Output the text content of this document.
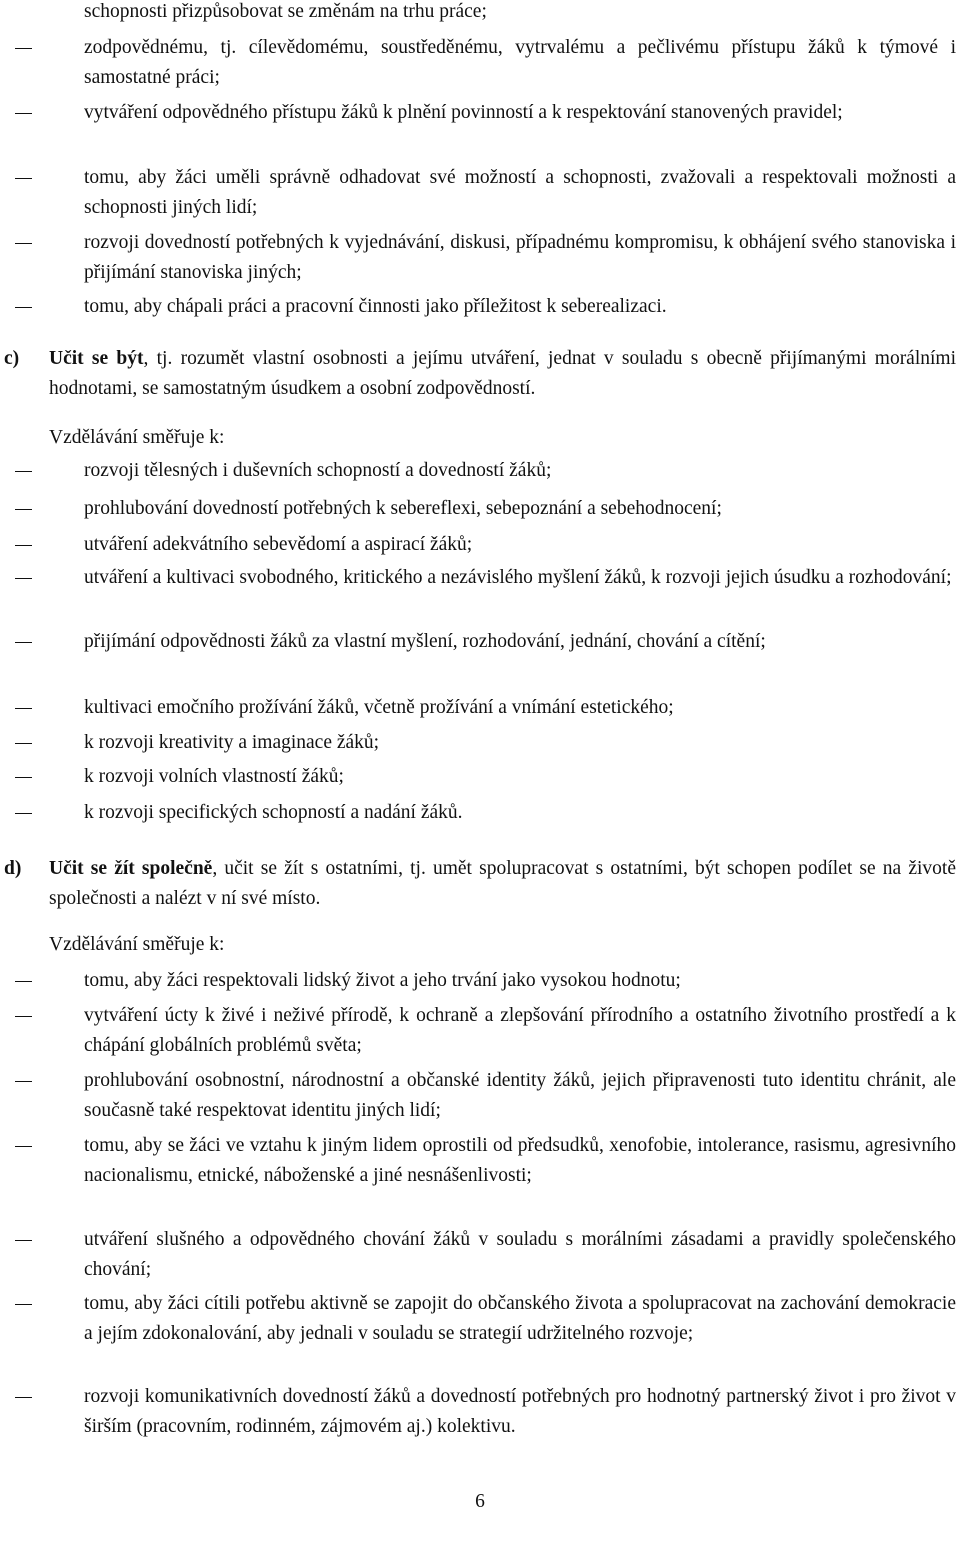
schopnosti přizpůsobovat se změnám na trhu práce;
zodpovědnému, tj. cílevědomému, soustředěnému, vytrvalému a pečlivému přístupu žáků k týmové i samostatné práci;
vytváření odpovědného přístupu žáků k plnění povinností a k respektování stanovených pravidel;
tomu, aby žáci uměli správně odhadovat své možností a schopnosti, zvažovali a respektovali možnosti a schopnosti jiných lidí;
rozvoji dovedností potřebných k vyjednávání, diskusi, případnému kompromisu, k obhájení svého stanoviska i přijímání stanoviska jiných;
tomu, aby chápali práci a pracovní činnosti jako příležitost k seberealizaci.
c) Učit se být, tj. rozumět vlastní osobnosti a jejímu utváření, jednat v souladu s obecně přijímanými morálními hodnotami, se samostatným úsudkem a osobní zodpovědností.
Vzdělávání směřuje k:
rozvoji tělesných i duševních schopností a dovedností žáků;
prohlubování dovedností potřebných k sebereflexi, sebepoznání a sebehodnocení;
utváření adekvátního sebevědomí a aspirací žáků;
utváření a kultivaci svobodného, kritického a nezávislého myšlení žáků, k rozvoji jejich úsudku a rozhodování;
přijímání odpovědnosti žáků za vlastní myšlení, rozhodování, jednání, chování a cítění;
kultivaci emočního prožívání žáků, včetně prožívání a vnímání estetického;
k rozvoji kreativity a imaginace žáků;
k rozvoji volních vlastností žáků;
k rozvoji specifických schopností a nadání žáků.
d) Učit se žít společně, učit se žít s ostatními, tj. umět spolupracovat s ostatními, být schopen podílet se na životě společnosti a nalézt v ní své místo.
Vzdělávání směřuje k:
tomu, aby žáci respektovali lidský život a jeho trvání jako vysokou hodnotu;
vytváření úcty k živé i neživé přírodě, k ochraně a zlepšování přírodního a ostatního životního prostředí a k chápání globálních problémů světa;
prohlubování osobnostní, národnostní a občanské identity žáků, jejich připravenosti tuto identitu chránit, ale současně také respektovat identitu jiných lidí;
tomu, aby se žáci ve vztahu k jiným lidem oprostili od předsudků, xenofobie, intolerance, rasismu, agresivního nacionalismu, etnické, náboženské a jiné nesnášenlivosti;
utváření slušného a odpovědného chování žáků v souladu s morálními zásadami a pravidly společenského chování;
tomu, aby žáci cítili potřebu aktivně se zapojit do občanského života a spolupracovat na zachování demokracie a jejím zdokonalování, aby jednali v souladu se strategií udržitelného rozvoje;
rozvoji komunikativních dovedností žáků a dovedností potřebných pro hodnotný partnerský život i pro život v širším (pracovním, rodinném, zájmovém aj.) kolektivu.
6
